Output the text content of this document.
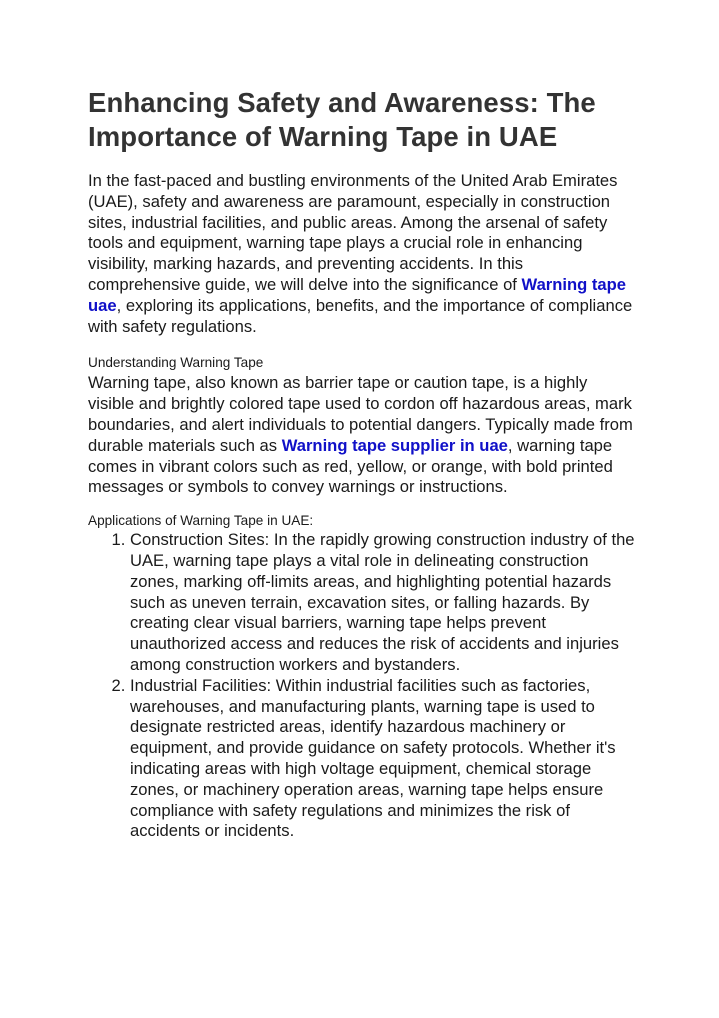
Enhancing Safety and Awareness: The Importance of Warning Tape in UAE

In the fast-paced and bustling environments of the United Arab Emirates (UAE), safety and awareness are paramount, especially in construction sites, industrial facilities, and public areas. Among the arsenal of safety tools and equipment, warning tape plays a crucial role in enhancing visibility, marking hazards, and preventing accidents. In this comprehensive guide, we will delve into the significance of Warning tape uae, exploring its applications, benefits, and the importance of compliance with safety regulations.

Understanding Warning Tape

Warning tape, also known as barrier tape or caution tape, is a highly visible and brightly colored tape used to cordon off hazardous areas, mark boundaries, and alert individuals to potential dangers. Typically made from durable materials such as Warning tape supplier in uae, warning tape comes in vibrant colors such as red, yellow, or orange, with bold printed messages or symbols to convey warnings or instructions.

Applications of Warning Tape in UAE:
1. Construction Sites: In the rapidly growing construction industry of the UAE, warning tape plays a vital role in delineating construction zones, marking off-limits areas, and highlighting potential hazards such as uneven terrain, excavation sites, or falling hazards. By creating clear visual barriers, warning tape helps prevent unauthorized access and reduces the risk of accidents and injuries among construction workers and bystanders.
2. Industrial Facilities: Within industrial facilities such as factories, warehouses, and manufacturing plants, warning tape is used to designate restricted areas, identify hazardous machinery or equipment, and provide guidance on safety protocols. Whether it's indicating areas with high voltage equipment, chemical storage zones, or machinery operation areas, warning tape helps ensure compliance with safety regulations and minimizes the risk of accidents or incidents.
